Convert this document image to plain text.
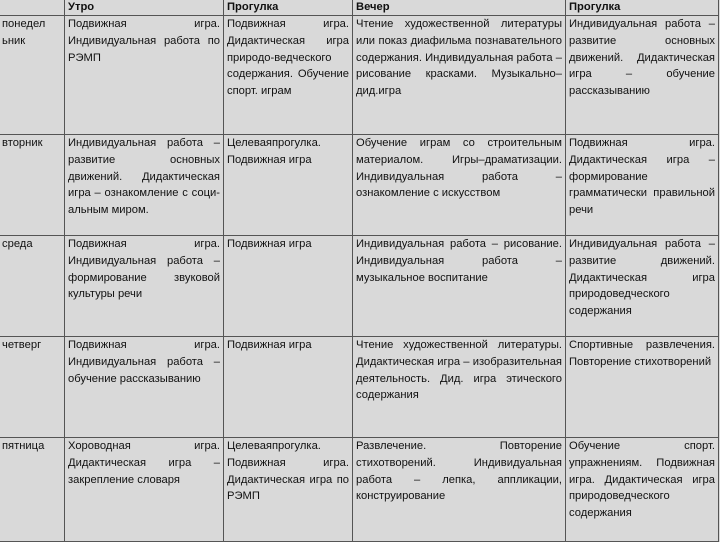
	Утро	Прогулка	Вечер	Прогулка
понедел ьник	Подвижная игра. Индивидуальная работа по РЭМП	Подвижная игра. Дидактическая игра природо-ведческого содержания. Обучение спорт. играм	Чтение художественной литературы или показ диафильма познавательного содержания. Индивидуальная работа – рисование красками. Музыкально–дид.игра	Индивидуальная работа – развитие основных движений. Дидактическая игра – обучение рассказыванию
вторник	Индивидуальная работа – развитие основных движений. Дидактическая игра – ознакомление с соци-альным миром.	Целеваяпрогулка. Подвижная игра	Обучение играм со строительным материалом. Игры–драматизации. Индивидуальная работа – ознакомление с искусством	Подвижная игра. Дидактическая игра – формирование грамматически правильной речи
среда	Подвижная игра. Индивидуальная работа – формирование звуковой культуры речи	Подвижная игра	Индивидуальная работа – рисование. Индивидуальная работа – музыкальное воспитание	Индивидуальная работа – развитие движений. Дидактическая игра природоведческого содержания
четверг	Подвижная игра. Индивидуальная работа – обучение рассказыванию	Подвижная игра	Чтение художественной литературы. Дидактическая игра – изобразительная деятельность. Дид. игра этического содержания	Спортивные развлечения. Повторение стихотворений
пятница	Хороводная игра. Дидактическая игра – закрепление словаря	Целеваяпрогулка. Подвижная игра. Дидактическая игра по РЭМП	Развлечение. Повторение стихотворений. Индивидуальная работа – лепка, аппликации, конструирование	Обучение спорт. упражнениям. Подвижная игра. Дидактическая игра природоведческого содержания
